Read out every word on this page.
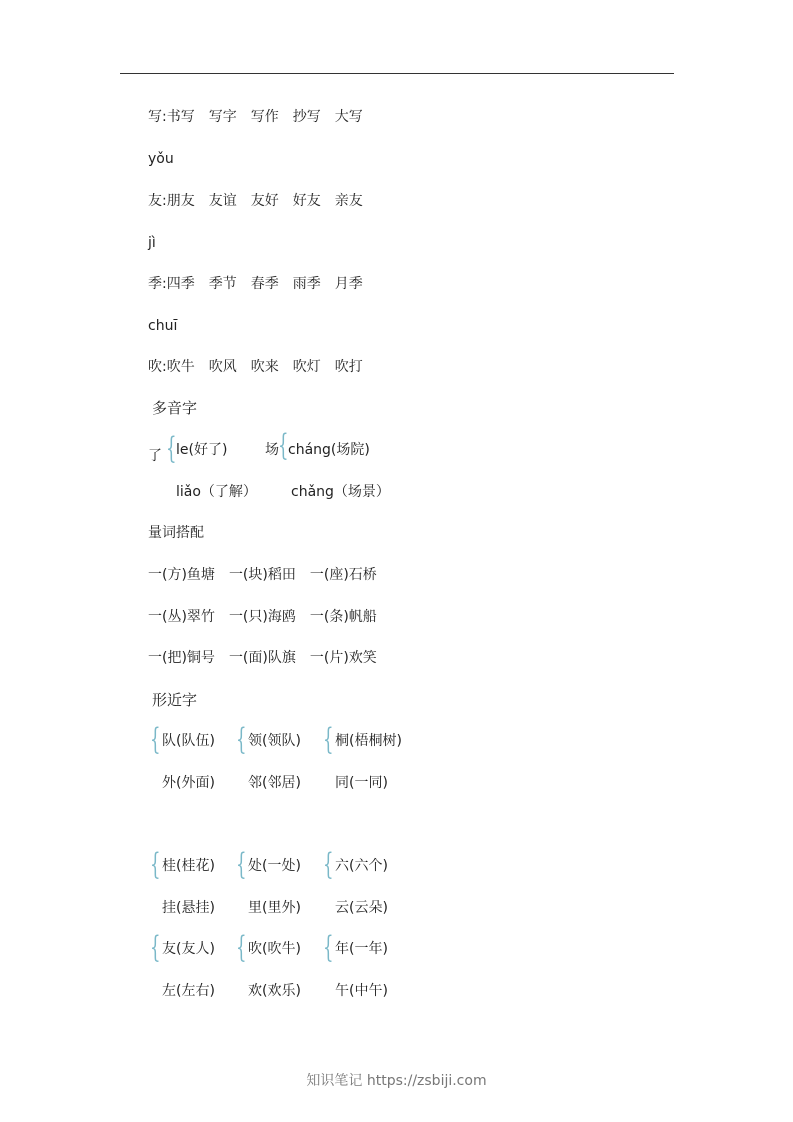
写:书写 写字 写作 抄写 大写
yǒu
友:朋友 友谊 友好 好友 亲友
jì
季:四季 季节 春季 雨季 月季
chuī
吹:吹牛 吹风 吹来 吹灯 吹打
多音字
了 { le(好了)
liǎo（了解）
场 { cháng(场院)
chǎng（场景）
量词搭配
一(方)鱼塘 一(块)稻田 一(座)石桥
一(丛)翠竹 一(只)海鸥 一(条)帆船
一(把)铜号 一(面)队旗 一(片)欢笑
形近字
{ 队(队伍)
外(外面)
{ 领(领队)
邻(邻居)
{ 桐(梧桐树)
同(一同)
{ 桂(桂花)
挂(悬挂)
{ 处(一处)
里(里外)
{ 六(六个)
云(云朵)
{ 友(友人)
左(左右)
{ 吹(吹牛)
欢(欢乐)
{ 年(一年)
午(中午)
知识笔记 https://zsbiji.com
